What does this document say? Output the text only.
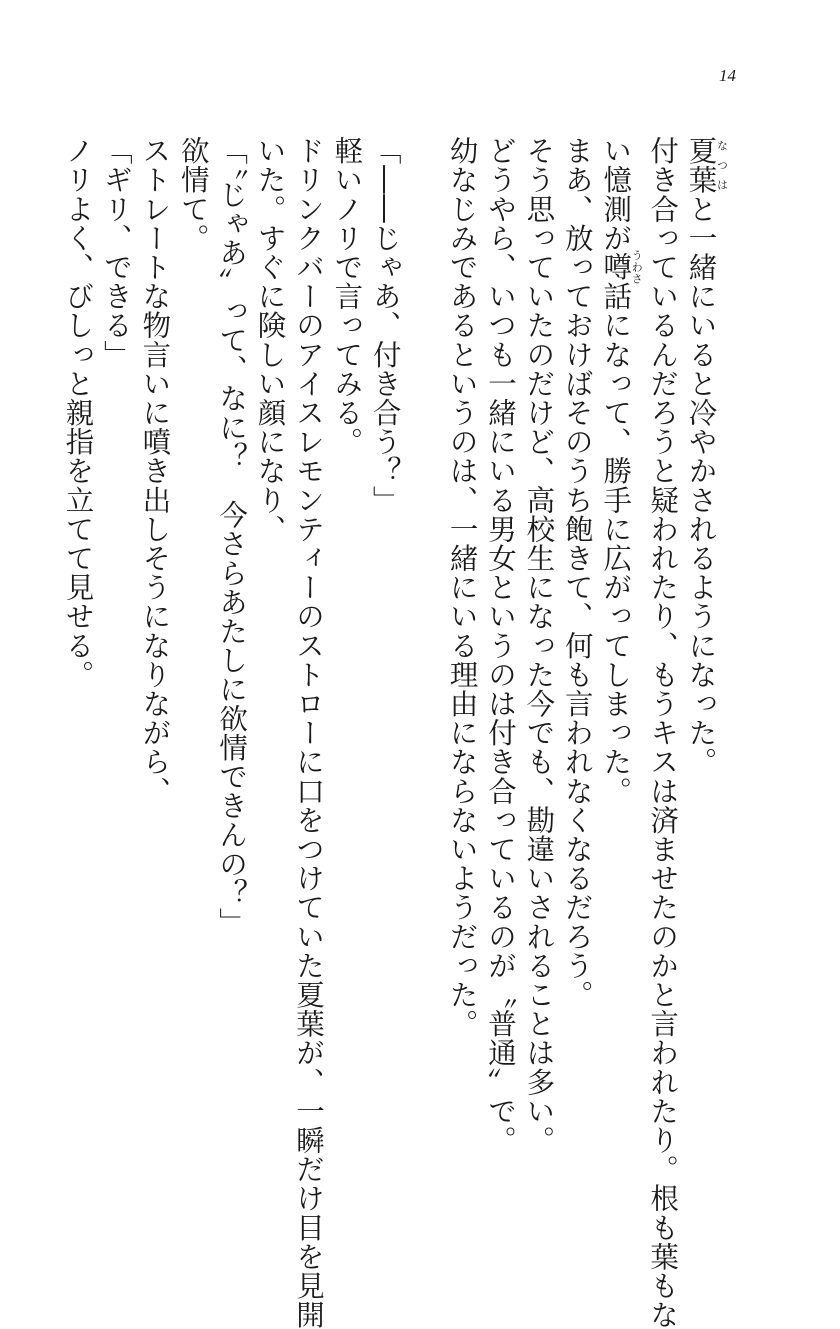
14
夏葉なつはと一緒にいると冷やかされるようになった。
付き合っているんだろうと疑われたり、もうキスは済ませたのかと言われたり。根も葉もな
い憶測が噂うわさ話になって、勝手に広がってしまった。
まあ、放っておけばそのうち飽きて、何も言われなくなるだろう。
そう思っていたのだけど、高校生になった今でも、勘違いされることは多い。
どうやら、いつも一緒にいる男女というのは付き合っているのが〝普通〟で。
幼なじみであるというのは、一緒にいる理由にならないようだった。

「――じゃあ、付き合う？」
軽いノリで言ってみる。
ドリンクバーのアイスレモンティーのストローに口をつけていた夏葉が、一瞬だけ目を見開
いた。すぐに険しい顔になり、
「〝じゃあ〟って、なに？　今さらあたしに欲情できんの？」
欲情て。
ストレートな物言いに噴き出しそうになりながら、
「ギリ、できる」
ノリよく、びしっと親指を立てて見せる。
